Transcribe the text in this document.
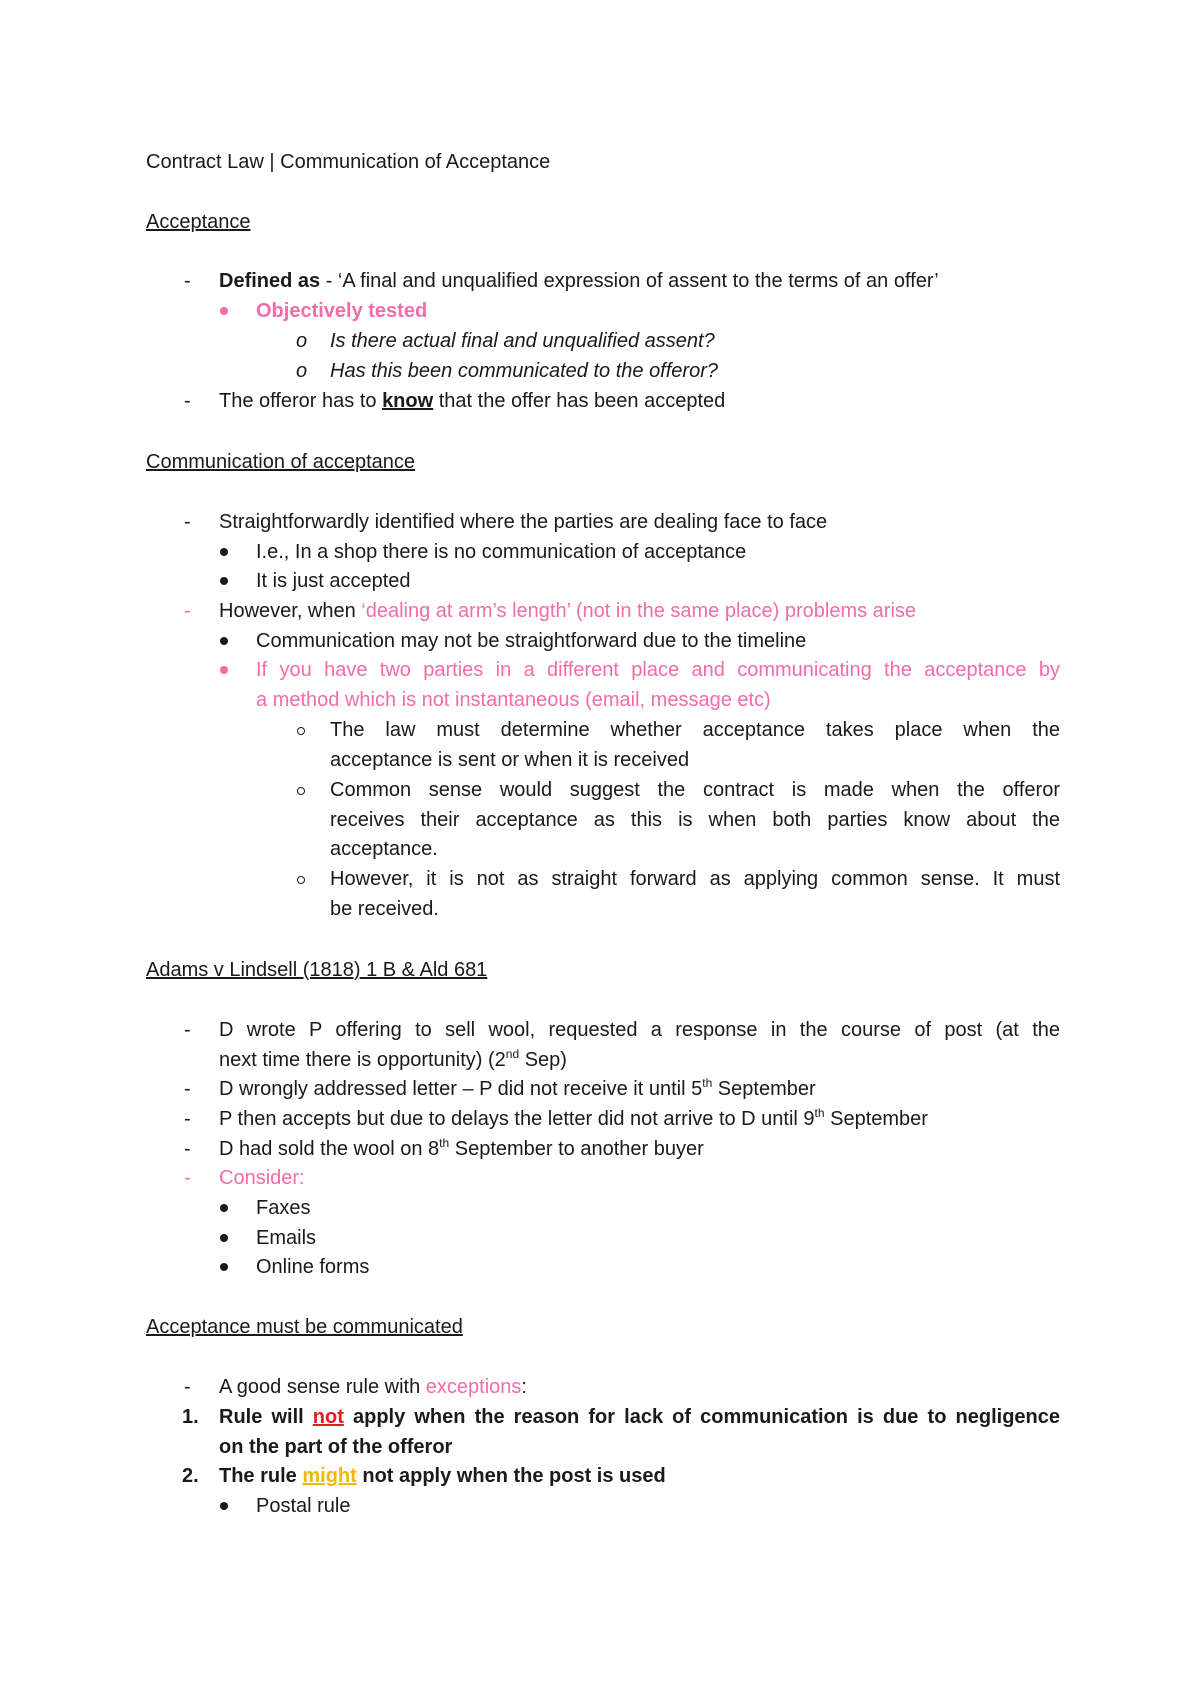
Contract Law | Communication of Acceptance
Acceptance
- Defined as - ‘A final and unqualified expression of assent to the terms of an offer’
Objectively tested
o Is there actual final and unqualified assent?
o Has this been communicated to the offeror?
- The offeror has to know that the offer has been accepted
Communication of acceptance
- Straightforwardly identified where the parties are dealing face to face
I.e., In a shop there is no communication of acceptance
It is just accepted
- However, when ‘dealing at arm’s length’ (not in the same place) problems arise
Communication may not be straightforward due to the timeline
If you have two parties in a different place and communicating the acceptance by
a method which is not instantaneous (email, message etc)
The law must determine whether acceptance takes place when the
acceptance is sent or when it is received
Common sense would suggest the contract is made when the offeror
receives their acceptance as this is when both parties know about the
acceptance.
However, it is not as straight forward as applying common sense. It must
be received.
Adams v Lindsell (1818) 1 B & Ald 681
- D wrote P offering to sell wool, requested a response in the course of post (at the
next time there is opportunity) (2nd Sep)
- D wrongly addressed letter – P did not receive it until 5th September
- P then accepts but due to delays the letter did not arrive to D until 9th September
- D had sold the wool on 8th September to another buyer
- Consider:
Faxes
Emails
Online forms
Acceptance must be communicated
- A good sense rule with exceptions:
1. Rule will not apply when the reason for lack of communication is due to negligence
on the part of the offeror
2. The rule might not apply when the post is used
Postal rule
